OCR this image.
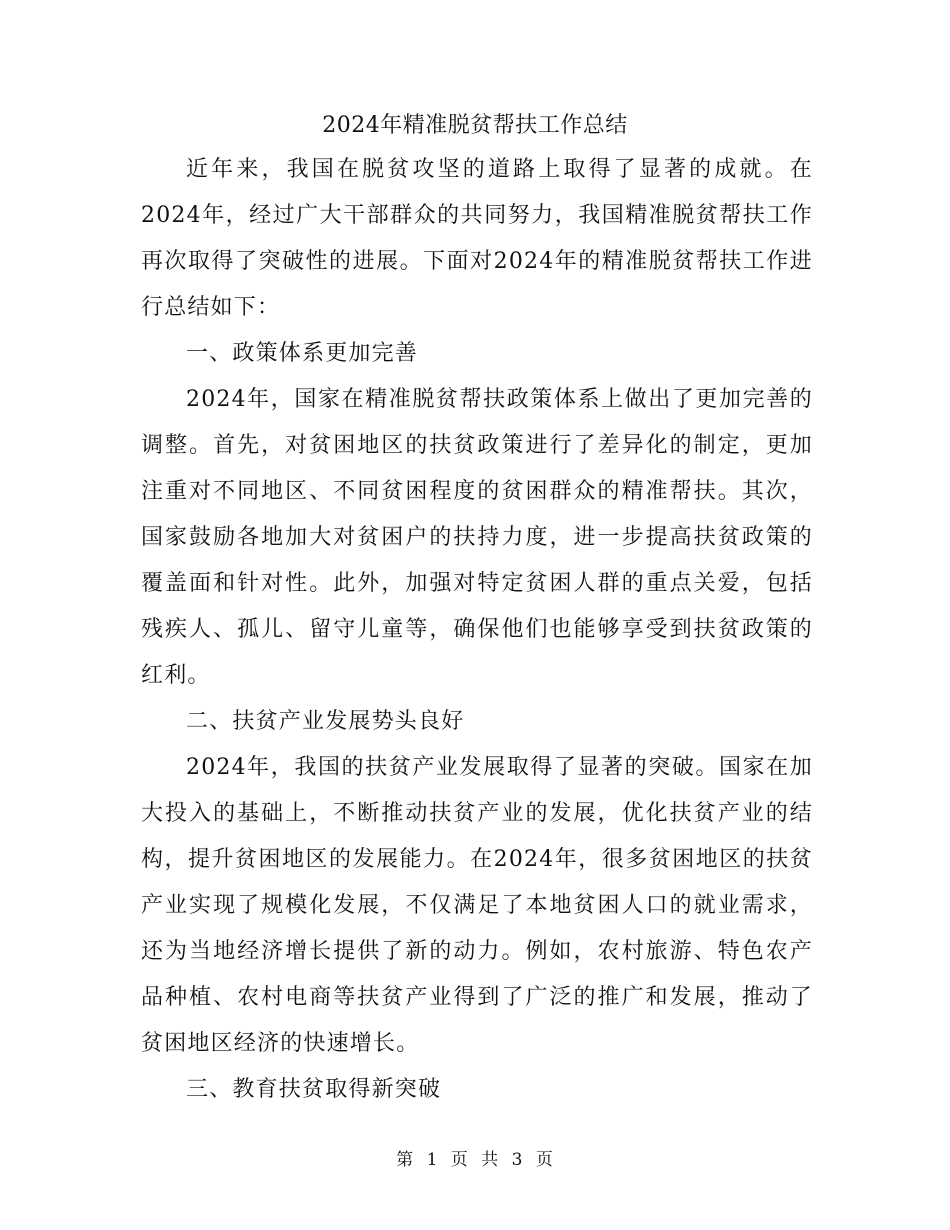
2024年精准脱贫帮扶工作总结

近年来，我国在脱贫攻坚的道路上取得了显著的成就。在2024年，经过广大干部群众的共同努力，我国精准脱贫帮扶工作再次取得了突破性的进展。下面对2024年的精准脱贫帮扶工作进行总结如下：

一、政策体系更加完善

2024年，国家在精准脱贫帮扶政策体系上做出了更加完善的调整。首先，对贫困地区的扶贫政策进行了差异化的制定，更加注重对不同地区、不同贫困程度的贫困群众的精准帮扶。其次，国家鼓励各地加大对贫困户的扶持力度，进一步提高扶贫政策的覆盖面和针对性。此外，加强对特定贫困人群的重点关爱，包括残疾人、孤儿、留守儿童等，确保他们也能够享受到扶贫政策的红利。

二、扶贫产业发展势头良好

2024年，我国的扶贫产业发展取得了显著的突破。国家在加大投入的基础上，不断推动扶贫产业的发展，优化扶贫产业的结构，提升贫困地区的发展能力。在2024年，很多贫困地区的扶贫产业实现了规模化发展，不仅满足了本地贫困人口的就业需求，还为当地经济增长提供了新的动力。例如，农村旅游、特色农产品种植、农村电商等扶贫产业得到了广泛的推广和发展，推动了贫困地区经济的快速增长。

三、教育扶贫取得新突破

第 1 页 共 3 页
